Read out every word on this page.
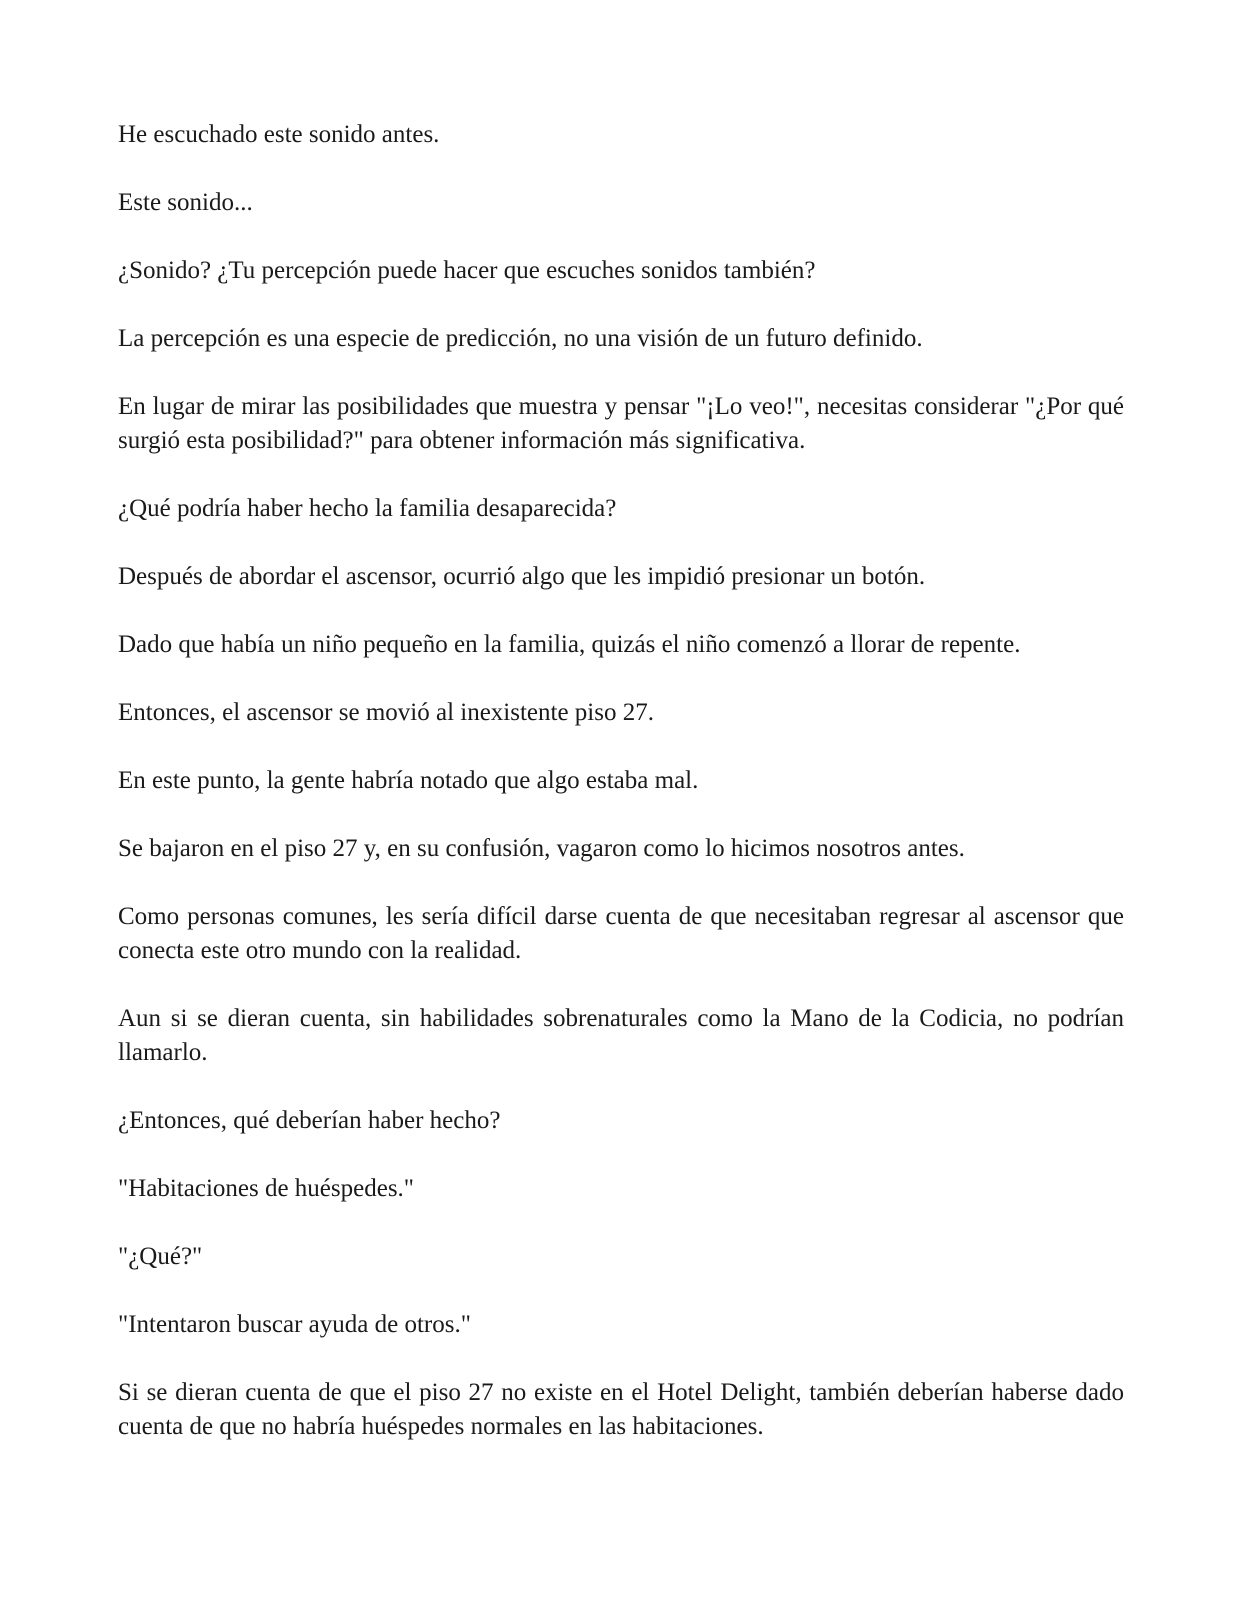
He escuchado este sonido antes.

Este sonido...

¿Sonido? ¿Tu percepción puede hacer que escuches sonidos también?

La percepción es una especie de predicción, no una visión de un futuro definido.

En lugar de mirar las posibilidades que muestra y pensar "¡Lo veo!", necesitas considerar "¿Por qué surgió esta posibilidad?" para obtener información más significativa.

¿Qué podría haber hecho la familia desaparecida?

Después de abordar el ascensor, ocurrió algo que les impidió presionar un botón.

Dado que había un niño pequeño en la familia, quizás el niño comenzó a llorar de repente.

Entonces, el ascensor se movió al inexistente piso 27.

En este punto, la gente habría notado que algo estaba mal.

Se bajaron en el piso 27 y, en su confusión, vagaron como lo hicimos nosotros antes.

Como personas comunes, les sería difícil darse cuenta de que necesitaban regresar al ascensor que conecta este otro mundo con la realidad.

Aun si se dieran cuenta, sin habilidades sobrenaturales como la Mano de la Codicia, no podrían llamarlo.

¿Entonces, qué deberían haber hecho?

"Habitaciones de huéspedes."

"¿Qué?"

"Intentaron buscar ayuda de otros."

Si se dieran cuenta de que el piso 27 no existe en el Hotel Delight, también deberían haberse dado cuenta de que no habría huéspedes normales en las habitaciones.
